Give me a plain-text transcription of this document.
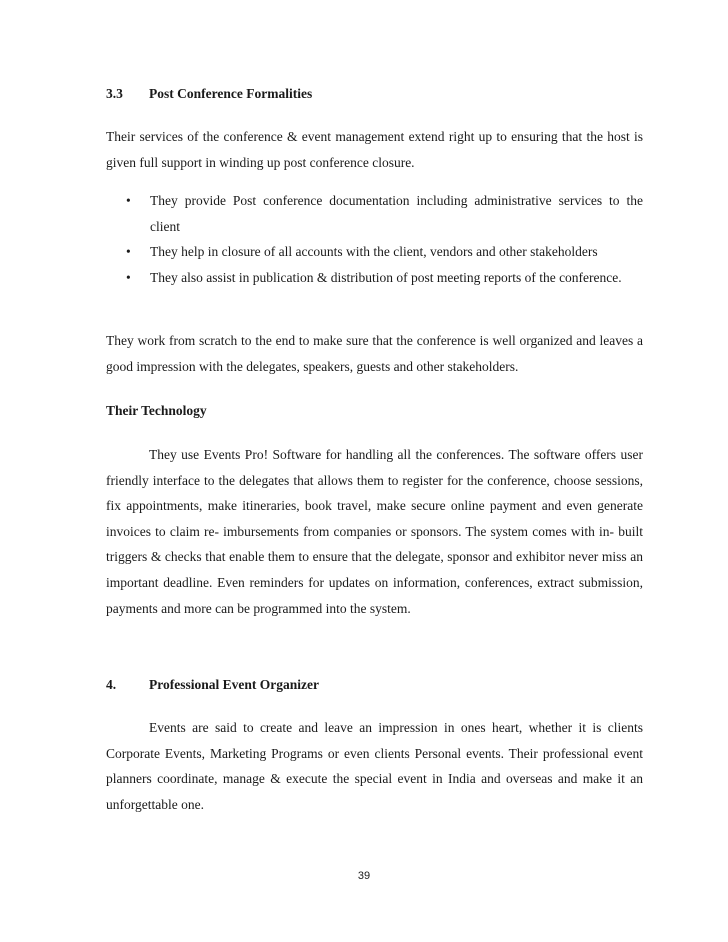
3.3 Post Conference Formalities
Their services of the conference & event management extend right up to ensuring that the host is given full support in winding up post conference closure.
• They provide Post conference documentation including administrative services to the client
• They help in closure of all accounts with the client, vendors and other stakeholders
• They also assist in publication & distribution of post meeting reports of the conference.
They work from scratch to the end to make sure that the conference is well organized and leaves a good impression with the delegates, speakers, guests and other stakeholders.
Their Technology
They use Events Pro! Software for handling all the conferences. The software offers user friendly interface to the delegates that allows them to register for the conference, choose sessions, fix appointments, make itineraries, book travel, make secure online payment and even generate invoices to claim re- imbursements from companies or sponsors. The system comes with in- built triggers & checks that enable them to ensure that the delegate, sponsor and exhibitor never miss an important deadline. Even reminders for updates on information, conferences, extract submission, payments and more can be programmed into the system.
4. Professional Event Organizer
Events are said to create and leave an impression in ones heart, whether it is clients Corporate Events, Marketing Programs or even clients Personal events. Their professional event planners coordinate, manage & execute the special event in India and overseas and make it an unforgettable one.
39
